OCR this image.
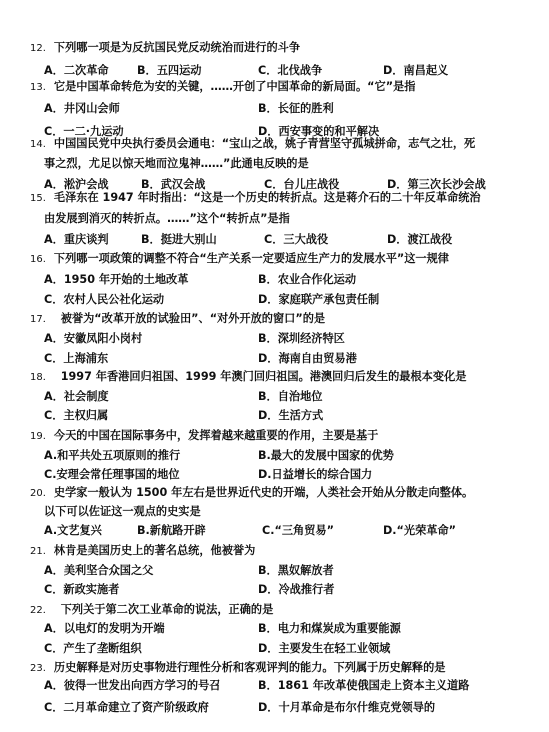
12. 下列哪一项是为反抗国民党反动统治而进行的斗争
A．二次革命	B．五四运动	C．北伐战争	D．南昌起义
13. 它是中国革命转危为安的关键，……开创了中国革命的新局面。“它”是指
A．井冈山会师	B．长征的胜利
C．一二·九运动	D．西安事变的和平解决
14. 中国国民党中央执行委员会通电：“宝山之战，姚子青营坚守孤城拼命，志气之壮，死
事之烈，尤足以惊天地而泣鬼神……”此通电反映的是
A．淞沪会战	B．武汉会战	C．台儿庄战役	D．第三次长沙会战
15. 毛泽东在 1947 年时指出：“这是一个历史的转折点。这是蒋介石的二十年反革命统治
由发展到消灭的转折点。……”这个“转折点”是指
A．重庆谈判	B．挺进大别山	C．三大战役	D．渡江战役
16. 下列哪一项政策的调整不符合“生产关系一定要适应生产力的发展水平”这一规律
A．1950 年开始的土地改革	B．农业合作化运动
C．农村人民公社化运动	D．家庭联产承包责任制
17． 被誉为“改革开放的试验田”、“对外开放的窗口”的是
A．安徽凤阳小岗村	B．深圳经济特区
C．上海浦东	D．海南自由贸易港
18． 1997 年香港回归祖国、1999 年澳门回归祖国。港澳回归后发生的最根本变化是
A．社会制度	B．自治地位
C．主权归属	D．生活方式
19. 今天的中国在国际事务中，发挥着越来越重要的作用，主要是基于
A.和平共处五项原则的推行	B.最大的发展中国家的优势
C.安理会常任理事国的地位	D.日益增长的综合国力
20. 史学家一般认为 1500 年左右是世界近代史的开端，人类社会开始从分散走向整体。
以下可以佐证这一观点的史实是
A.文艺复兴	B.新航路开辟	C.“三角贸易”	D.“光荣革命”
21. 林肯是美国历史上的著名总统，他被誉为
A．美利坚合众国之父	B．黑奴解放者
C．新政实施者	D．冷战推行者
22． 下列关于第二次工业革命的说法，正确的是
A．以电灯的发明为开端	B．电力和煤炭成为重要能源
C．产生了垄断组织	D．主要发生在轻工业领域
23. 历史解释是对历史事物进行理性分析和客观评判的能力。下列属于历史解释的是
A．彼得一世发出向西方学习的号召	B．1861 年改革使俄国走上资本主义道路
C．二月革命建立了资产阶级政府	D．十月革命是布尔什维克党领导的
